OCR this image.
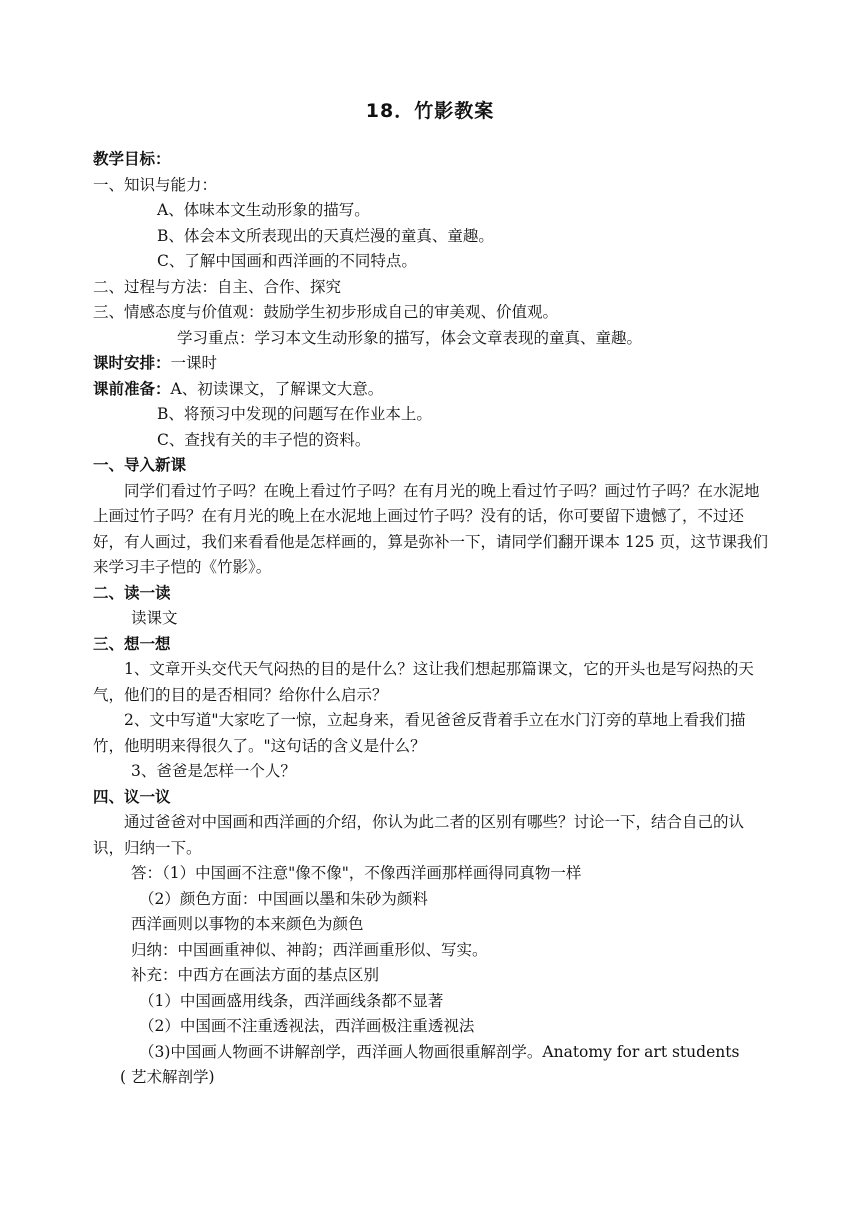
18．竹影教案

教学目标：

一、知识与能力：

A、体味本文生动形象的描写。

B、体会本文所表现出的天真烂漫的童真、童趣。

C、了解中国画和西洋画的不同特点。

二、过程与方法：自主、合作、探究

三、情感态度与价值观：鼓励学生初步形成自己的审美观、价值观。

学习重点：学习本文生动形象的描写，体会文章表现的童真、童趣。

课时安排：一课时

课前准备：A、初读课文，了解课文大意。

B、将预习中发现的问题写在作业本上。

C、查找有关的丰子恺的资料。

一、导入新课

同学们看过竹子吗？在晚上看过竹子吗？在有月光的晚上看过竹子吗？画过竹子吗？在水泥地上画过竹子吗？在有月光的晚上在水泥地上画过竹子吗？没有的话，你可要留下遗憾了，不过还好，有人画过，我们来看看他是怎样画的，算是弥补一下，请同学们翻开课本 125 页，这节课我们来学习丰子恺的《竹影》。

二、读一读

读课文

三、想一想

1、文章开头交代天气闷热的目的是什么？这让我们想起那篇课文，它的开头也是写闷热的天气，他们的目的是否相同？给你什么启示？

2、文中写道"大家吃了一惊，立起身来，看见爸爸反背着手立在水门汀旁的草地上看我们描竹，他明明来得很久了。"这句话的含义是什么？

3、爸爸是怎样一个人？

四、议一议

通过爸爸对中国画和西洋画的介绍，你认为此二者的区别有哪些？讨论一下，结合自己的认识，归纳一下。

答：（1）中国画不注意"像不像"，不像西洋画那样画得同真物一样

（2）颜色方面：中国画以墨和朱砂为颜料

西洋画则以事物的本来颜色为颜色

归纳：中国画重神似、神韵；西洋画重形似、写实。

补充：中西方在画法方面的基点区别

（1）中国画盛用线条，西洋画线条都不显著

（2）中国画不注重透视法，西洋画极注重透视法

（3)中国画人物画不讲解剖学，西洋画人物画很重解剖学。Anatomy for art students

( 艺术解剖学)
